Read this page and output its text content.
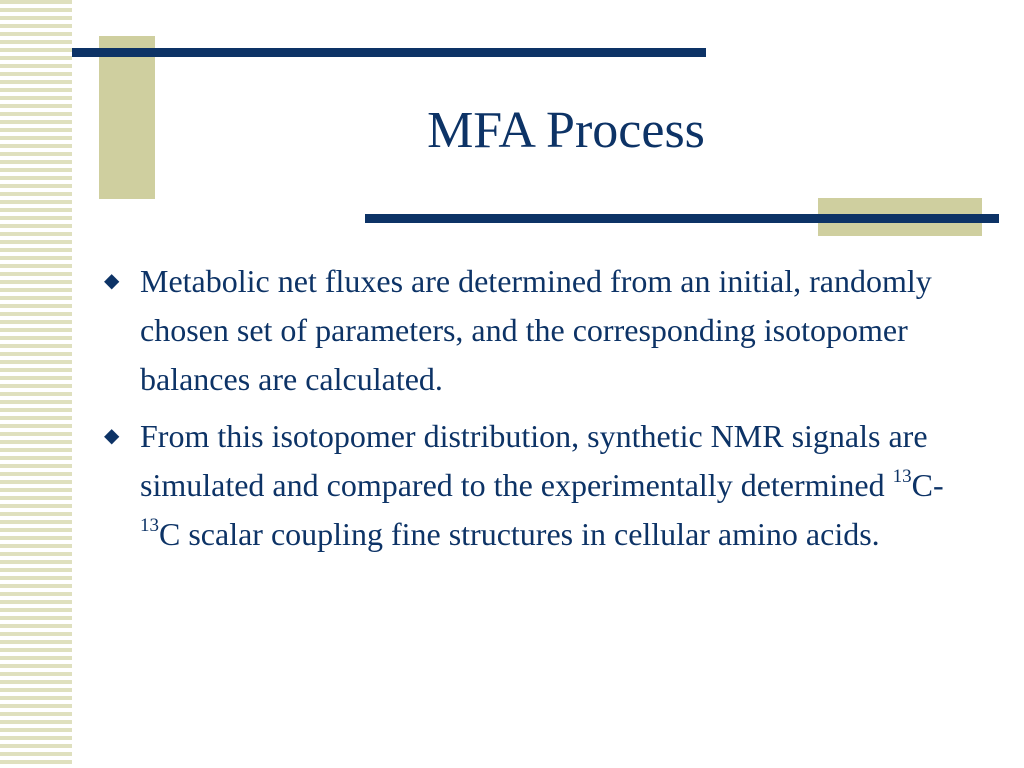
MFA Process
◆ Metabolic net fluxes are determined from an initial, randomly chosen set of parameters, and the corresponding isotopomer balances are calculated.
◆ From this isotopomer distribution, synthetic NMR signals are simulated and compared to the experimentally determined $^{13}$C-$^{13}$C scalar coupling fine structures in cellular amino acids.
